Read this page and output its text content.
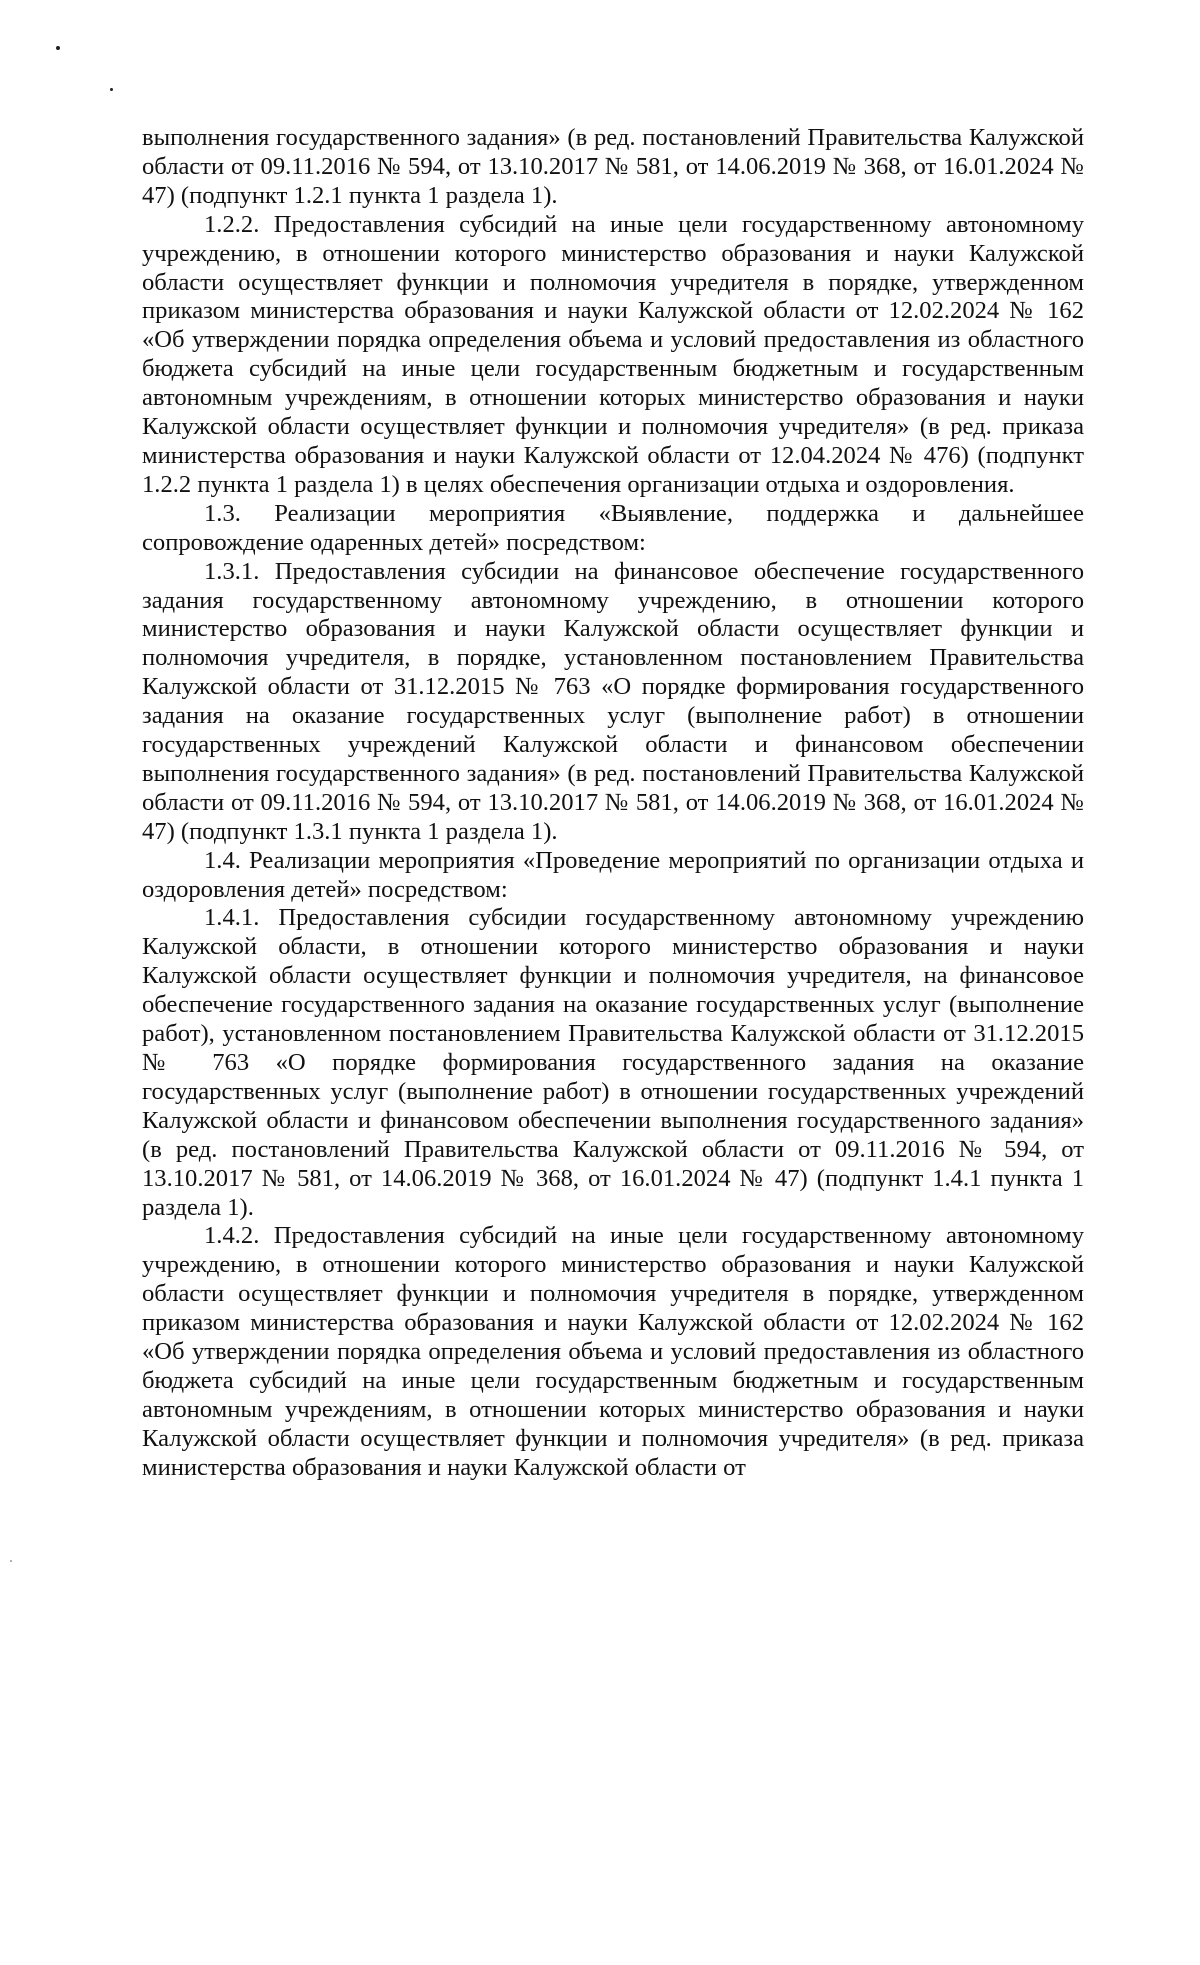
выполнения государственного задания» (в ред. постановлений Правительства Калужской области от 09.11.2016 № 594, от 13.10.2017 № 581, от 14.06.2019 № 368, от 16.01.2024 № 47) (подпункт 1.2.1 пункта 1 раздела 1).

1.2.2. Предоставления субсидий на иные цели государственному автономному учреждению, в отношении которого министерство образования и науки Калужской области осуществляет функции и полномочия учредителя в порядке, утвержденном приказом министерства образования и науки Калужской области от 12.02.2024 № 162 «Об утверждении порядка определения объема и условий предоставления из областного бюджета субсидий на иные цели государственным бюджетным и государственным автономным учреждениям, в отношении которых министерство образования и науки Калужской области осуществляет функции и полномочия учредителя» (в ред. приказа министерства образования и науки Калужской области от 12.04.2024 № 476) (подпункт 1.2.2 пункта 1 раздела 1) в целях обеспечения организации отдыха и оздоровления.

1.3. Реализации мероприятия «Выявление, поддержка и дальнейшее сопровождение одаренных детей» посредством:

1.3.1. Предоставления субсидии на финансовое обеспечение государственного задания государственному автономному учреждению, в отношении которого министерство образования и науки Калужской области осуществляет функции и полномочия учредителя, в порядке, установленном постановлением Правительства Калужской области от 31.12.2015 № 763 «О порядке формирования государственного задания на оказание государственных услуг (выполнение работ) в отношении государственных учреждений Калужской области и финансовом обеспечении выполнения государственного задания» (в ред. постановлений Правительства Калужской области от 09.11.2016 № 594, от 13.10.2017 № 581, от 14.06.2019 № 368, от 16.01.2024 № 47) (подпункт 1.3.1 пункта 1 раздела 1).

1.4. Реализации мероприятия «Проведение мероприятий по организации отдыха и оздоровления детей» посредством:

1.4.1. Предоставления субсидии государственному автономному учреждению Калужской области, в отношении которого министерство образования и науки Калужской области осуществляет функции и полномочия учредителя, на финансовое обеспечение государственного задания на оказание государственных услуг (выполнение работ), установленном постановлением Правительства Калужской области от 31.12.2015 № 763 «О порядке формирования государственного задания на оказание государственных услуг (выполнение работ) в отношении государственных учреждений Калужской области и финансовом обеспечении выполнения государственного задания» (в ред. постановлений Правительства Калужской области от 09.11.2016 № 594, от 13.10.2017 № 581, от 14.06.2019 № 368, от 16.01.2024 № 47) (подпункт 1.4.1 пункта 1 раздела 1).

1.4.2. Предоставления субсидий на иные цели государственному автономному учреждению, в отношении которого министерство образования и науки Калужской области осуществляет функции и полномочия учредителя в порядке, утвержденном приказом министерства образования и науки Калужской области от 12.02.2024 № 162 «Об утверждении порядка определения объема и условий предоставления из областного бюджета субсидий на иные цели государственным бюджетным и государственным автономным учреждениям, в отношении которых министерство образования и науки Калужской области осуществляет функции и полномочия учредителя» (в ред. приказа министерства образования и науки Калужской области от
